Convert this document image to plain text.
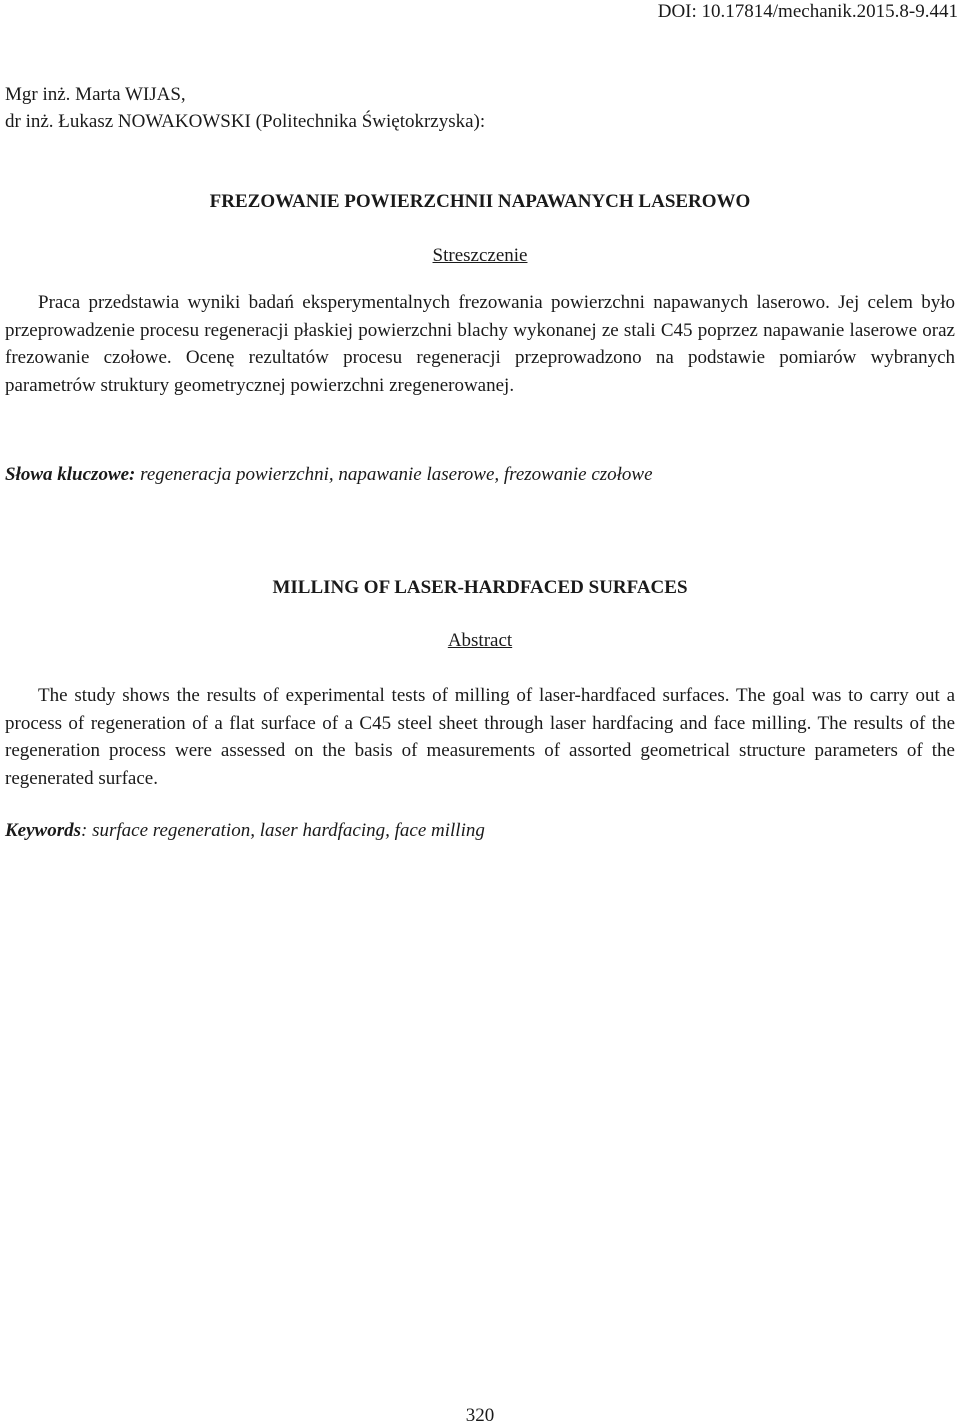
DOI: 10.17814/mechanik.2015.8-9.441
Mgr inż. Marta WIJAS,
dr inż. Łukasz NOWAKOWSKI (Politechnika Świętokrzyska):
FREZOWANIE POWIERZCHNII NAPAWANYCH LASEROWO
Streszczenie

Praca przedstawia wyniki badań eksperymentalnych frezowania powierzchni napawanych laserowo. Jej celem było przeprowadzenie procesu regeneracji płaskiej powierzchni blachy wykonanej ze stali C45 poprzez napawanie laserowe oraz frezowanie czołowe. Ocenę rezultatów procesu regeneracji przeprowadzono na podstawie pomiarów wybranych parametrów struktury geometrycznej powierzchni zregenerowanej.

Słowa kluczowe: regeneracja powierzchni, napawanie laserowe, frezowanie czołowe
MILLING OF LASER-HARDFACED SURFACES
Abstract

The study shows the results of experimental tests of milling of laser-hardfaced surfaces. The goal was to carry out a process of regeneration of a flat surface of a C45 steel sheet through laser hardfacing and face milling. The results of the regeneration process were assessed on the basis of measurements of assorted geometrical structure parameters of the regenerated surface.

Keywords: surface regeneration, laser hardfacing, face milling
320
